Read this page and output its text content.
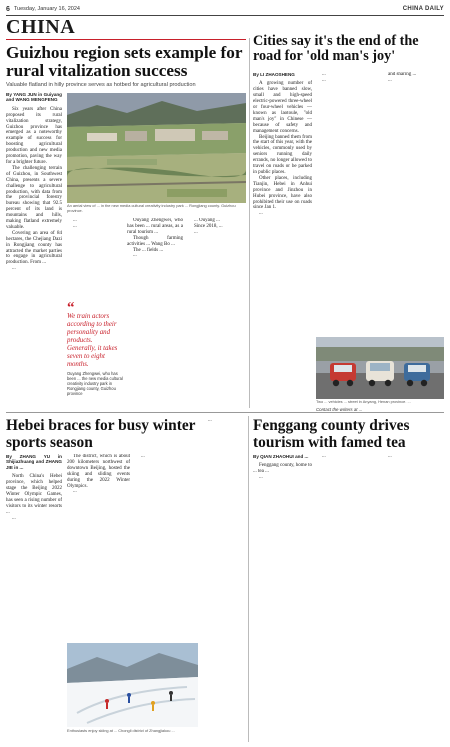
6 Tuesday, January 16, 2024	CHINA DAILY
CHINA
Guizhou region sets example for rural vitalization success
Valuable flatland in hilly province serves as hotbed for agricultural production
By YANG JUN in Guiyang and WANG MENGFENG

Six years after China proposed its rural vitalization strategy, Guizhou province has emerged as a noteworthy example of success for boosting agricultural production and new media promotion, paving the way for a brighter future.

The challenging terrain of Guizhou, in Southwest China, presents a severe challenge to agricultural production, with data from the provincial forestry bureau showing that 92.5 percent of its land is mountains and hills, making flatland extremely valuable.

Covering an area of 84 hectares, the Chejiang Dazi in Rongjiang county has attracted the market parties to engage in agricultural production. From ...

...

An aerial view of ... in the new media cultural creativity industry park ... Rongjiang county. Guizhou province.

...

...

“
We train actors according to their personality and products. Generally, it takes seven to eight months.
Ouyang Zhengwei, who has been ... the new media cultural creativity industry park in Rongjiang county, Guizhou province

Ouyang Zhengwei, who has been ... rural areas, as a rural tourism ...

Though farming activities ... Wang Bo ...

The ... fields ...

...

... Ouyang ...

Since 2018, ...

...

Cities say it's the end of the road for 'old man's joy'
By LI ZHAOSHENG

A growing number of cities have banned slow, small and high-speed electric-powered three-wheel or four-wheel vehicles — known as laotoule, "old man's joy" in Chinese — because of safety and management concerns.

Beijing banned them from the start of this year, with the vehicles, commonly used by seniors running daily errands, no longer allowed to travel on roads or be parked in public places.

Other places, including Tianjin, Hebei in Anhui province and Jinzhou in Hubei province, have also prohibited their use on roads since Jan 1.

...

...

...

and sharing ...

...

Two ... vehicles ... street in Anyang, Henan province. ...
Contact the writers at ...
Hebei braces for busy winter sports season
By ZHANG YU in Shijiazhuang and ZHANG JIE in ...

North China's Hebei province, which helped stage the Beijing 2022 Winter Olympic Games, has seen a rising number of visitors to its winter resorts ...

...

The district, which is about 200 kilometers northwest of downtown Beijing, hosted the skiing and sliding events during the 2022 Winter Olympics.

...

...

Enthusiasts enjoy skiing at ... Chongli district of Zhangjiakou ...

...	Fenggang county drives tourism with famed tea
By QIAN ZHAOHUI and ...

Fenggang county, home to ... tea ...

...

...	...
